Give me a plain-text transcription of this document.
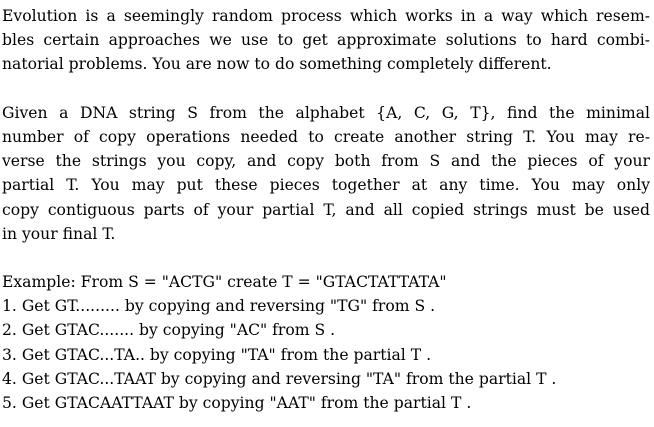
Evolution is a seemingly random process which works in a way which resem-

bles certain approaches we use to get approximate solutions to hard combi-

natorial problems. You are now to do something completely different.

Given a DNA string S from the alphabet {A, C, G, T}, find the minimal

number of copy operations needed to create another string T. You may re-

verse the strings you copy, and copy both from S and the pieces of your

partial T. You may put these pieces together at any time. You may only

copy contiguous parts of your partial T, and all copied strings must be used

in your final T.

Example: From S = "ACTG" create T = "GTACTATTATA"

1. Get GT......... by copying and reversing "TG" from S .

2. Get GTAC....... by copying "AC" from S .

3. Get GTAC...TA.. by copying "TA" from the partial T .

4. Get GTAC...TAAT by copying and reversing "TA" from the partial T .

5. Get GTACAATTAAT by copying "AAT" from the partial T .
